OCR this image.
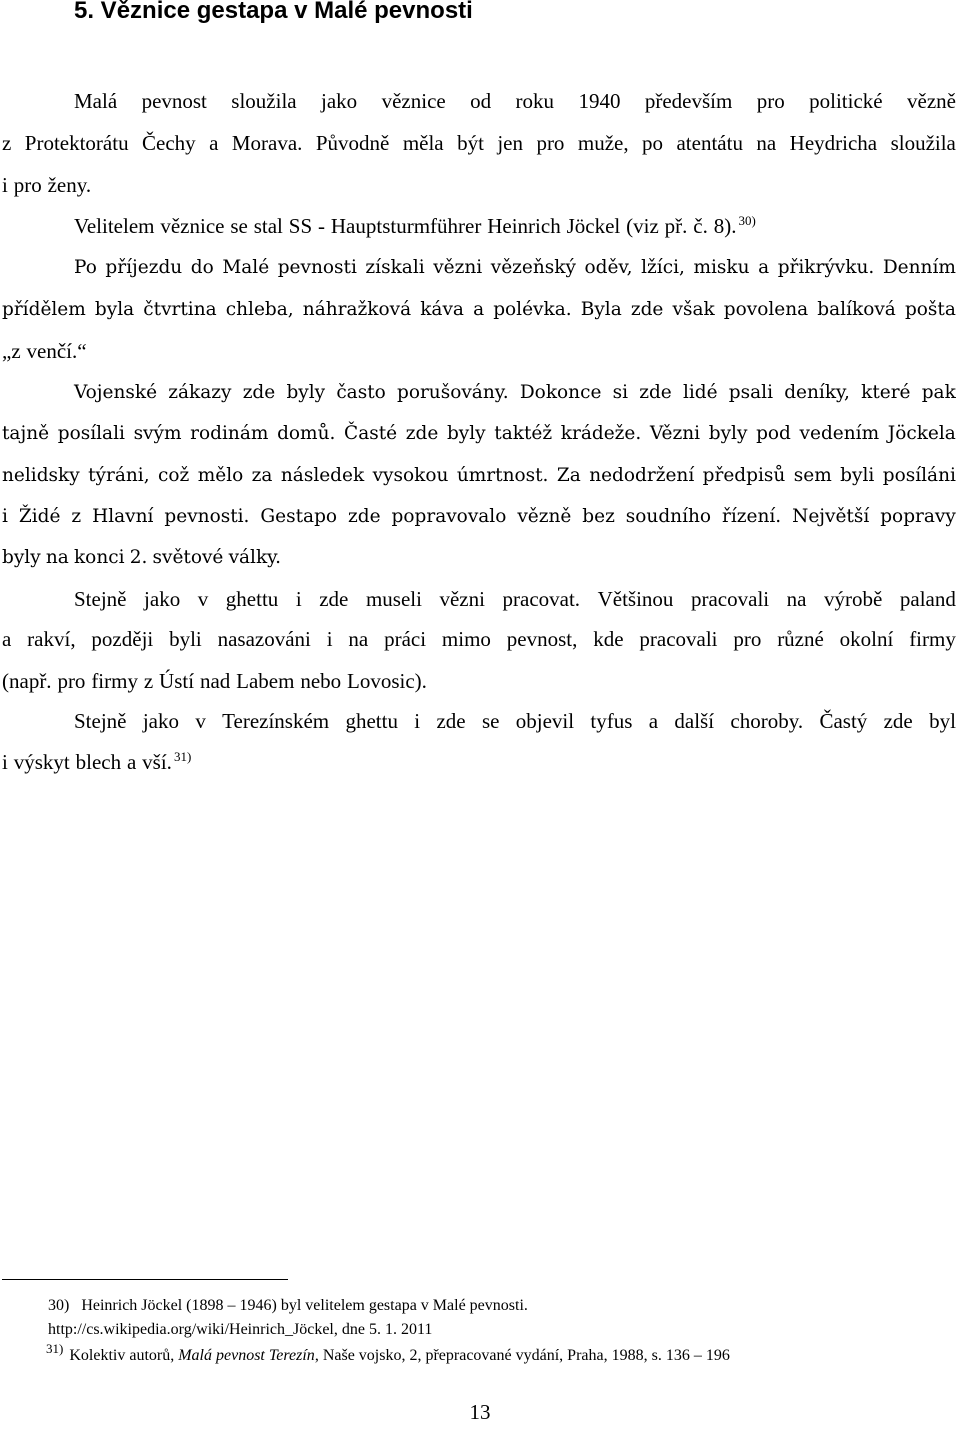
5. Věznice gestapa v Malé pevnosti
Malá pevnost sloužila jako věznice od roku 1940 především pro politické vězně
z Protektorátu Čechy a Morava. Původně měla být jen pro muže, po atentátu na Heydricha sloužila
i pro ženy.
Velitelem věznice se stal SS - Hauptsturmführer Heinrich Jöckel (viz př. č. 8). $^{30)}$
Po příjezdu do Malé pevnosti získali vězni vězeňský oděv, lžíci, misku a přikrývku. Denním
přídělem byla čtvrtina chleba, náhražková káva a polévka. Byla zde však povolena balíková pošta
„z venčí.“
Vojenské zákazy zde byly často porušovány. Dokonce si zde lidé psali deníky, které pak
tajně posílali svým rodinám domů. Časté zde byly taktéž krádeže. Vězni byly pod vedením Jöckela
nelidsky týráni, což mělo za následek vysokou úmrtnost. Za nedodržení předpisů sem byli posíláni
i Židé z Hlavní pevnosti. Gestapo zde popravovalo vězně bez soudního řízení. Největší popravy
byly na konci 2. světové války.
Stejně jako v ghettu i zde museli vězni pracovat. Většinou pracovali na výrobě paland
a rakví, později byli nasazováni i na práci mimo pevnost, kde pracovali pro různé okolní firmy
(např. pro firmy z Ústí nad Labem nebo Lovosic).
Stejně jako v Terezínském ghettu i zde se objevil tyfus a další choroby. Častý zde byl
i výskyt blech a vší. $^{31)}$
30) Heinrich Jöckel (1898 – 1946) byl velitelem gestapa v Malé pevnosti.
http://cs.wikipedia.org/wiki/Heinrich_Jöckel, dne 5. 1. 2011
$^{31)}$ Kolektiv autorů, Malá pevnost Terezín, Naše vojsko, 2, přepracované vydání, Praha, 1988, s. 136 – 196
13
